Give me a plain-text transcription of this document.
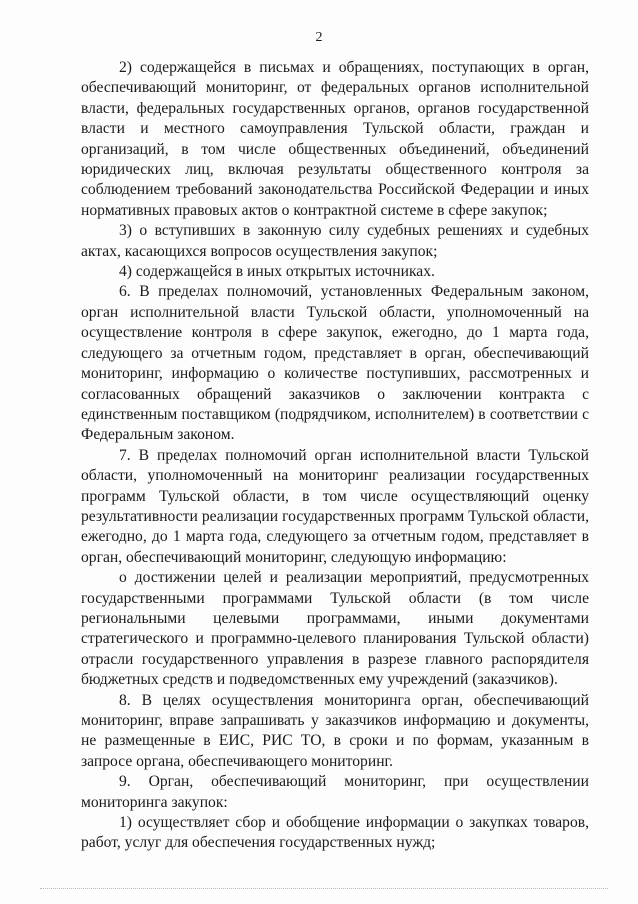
2

2) содержащейся в письмах и обращениях, поступающих в орган, обеспечивающий мониторинг, от федеральных органов исполнительной власти, федеральных государственных органов, органов государственной власти и местного самоуправления Тульской области, граждан и организаций, в том числе общественных объединений, объединений юридических лиц, включая результаты общественного контроля за соблюдением требований законодательства Российской Федерации и иных нормативных правовых актов о контрактной системе в сфере закупок;

3) о вступивших в законную силу судебных решениях и судебных актах, касающихся вопросов осуществления закупок;

4) содержащейся в иных открытых источниках.

6. В пределах полномочий, установленных Федеральным законом, орган исполнительной власти Тульской области, уполномоченный на осуществление контроля в сфере закупок, ежегодно, до 1 марта года, следующего за отчетным годом, представляет в орган, обеспечивающий мониторинг, информацию о количестве поступивших, рассмотренных и согласованных обращений заказчиков о заключении контракта с единственным поставщиком (подрядчиком, исполнителем) в соответствии с Федеральным законом.

7. В пределах полномочий орган исполнительной власти Тульской области, уполномоченный на мониторинг реализации государственных программ Тульской области, в том числе осуществляющий оценку результативности реализации государственных программ Тульской области, ежегодно, до 1 марта года, следующего за отчетным годом, представляет в орган, обеспечивающий мониторинг, следующую информацию:

о достижении целей и реализации мероприятий, предусмотренных государственными программами Тульской области (в том числе региональными целевыми программами, иными документами стратегического и программно-целевого планирования Тульской области) отрасли государственного управления в разрезе главного распорядителя бюджетных средств и подведомственных ему учреждений (заказчиков).

8. В целях осуществления мониторинга орган, обеспечивающий мониторинг, вправе запрашивать у заказчиков информацию и документы, не размещенные в ЕИС, РИС ТО, в сроки и по формам, указанным в запросе органа, обеспечивающего мониторинг.

9. Орган, обеспечивающий мониторинг, при осуществлении мониторинга закупок:

1) осуществляет сбор и обобщение информации о закупках товаров, работ, услуг для обеспечения государственных нужд;
